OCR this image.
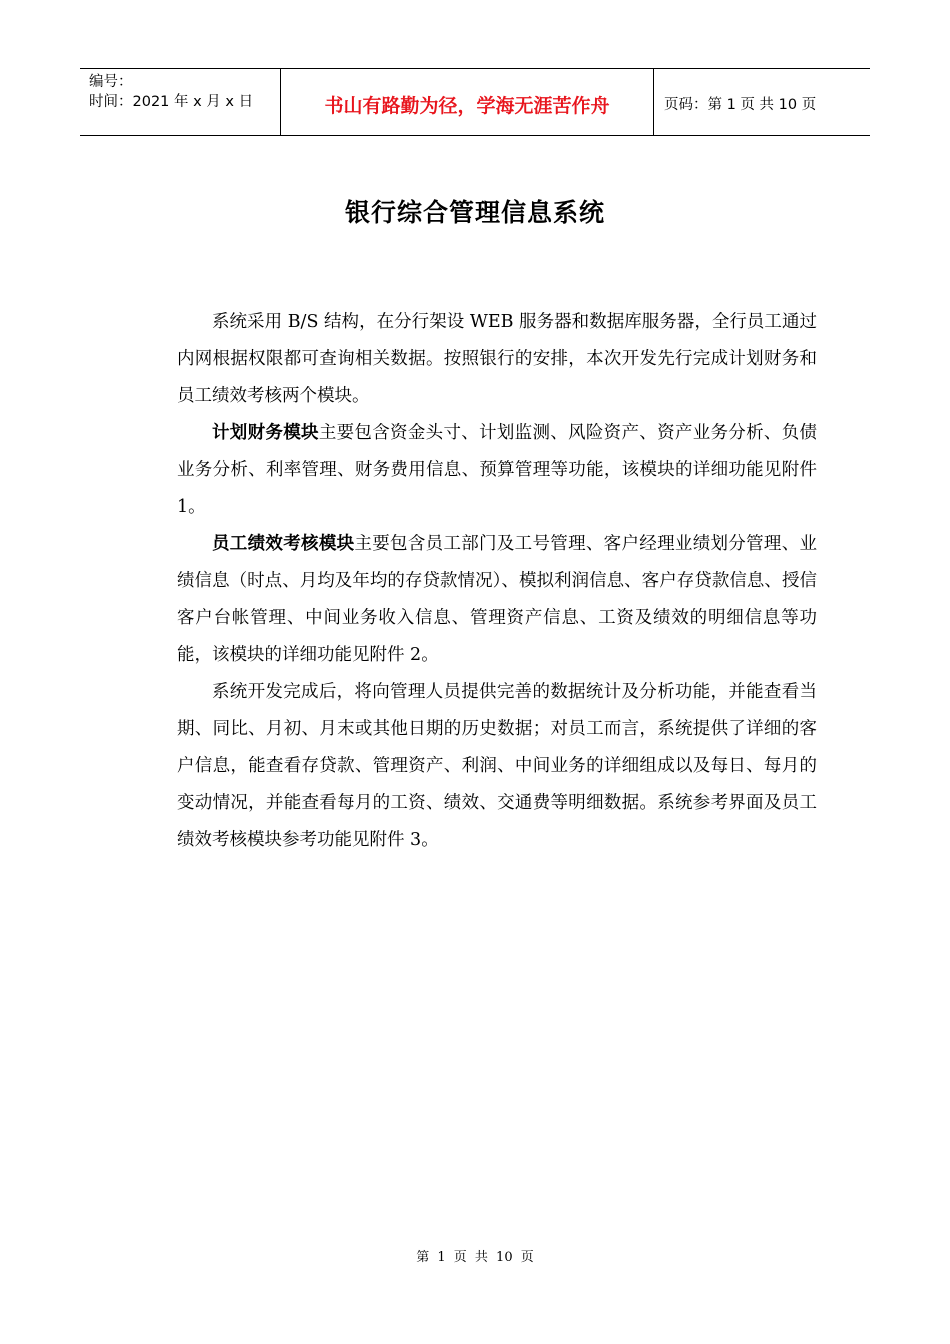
编号：
时间：2021 年 x 月 x 日	书山有路勤为径，学海无涯苦作舟	页码：第 1 页 共 10 页
银行综合管理信息系统

系统采用 B/S 结构，在分行架设 WEB 服务器和数据库服务器，全行员工通过内网根据权限都可查询相关数据。按照银行的安排，本次开发先行完成计划财务和员工绩效考核两个模块。

计划财务模块主要包含资金头寸、计划监测、风险资产、资产业务分析、负债业务分析、利率管理、财务费用信息、预算管理等功能，该模块的详细功能见附件 1。

员工绩效考核模块主要包含员工部门及工号管理、客户经理业绩划分管理、业绩信息（时点、月均及年均的存贷款情况）、模拟利润信息、客户存贷款信息、授信客户台帐管理、中间业务收入信息、管理资产信息、工资及绩效的明细信息等功能，该模块的详细功能见附件 2。

系统开发完成后，将向管理人员提供完善的数据统计及分析功能，并能查看当期、同比、月初、月末或其他日期的历史数据；对员工而言，系统提供了详细的客户信息，能查看存贷款、管理资产、利润、中间业务的详细组成以及每日、每月的变动情况，并能查看每月的工资、绩效、交通费等明细数据。系统参考界面及员工绩效考核模块参考功能见附件 3。

第 1 页 共 10 页
